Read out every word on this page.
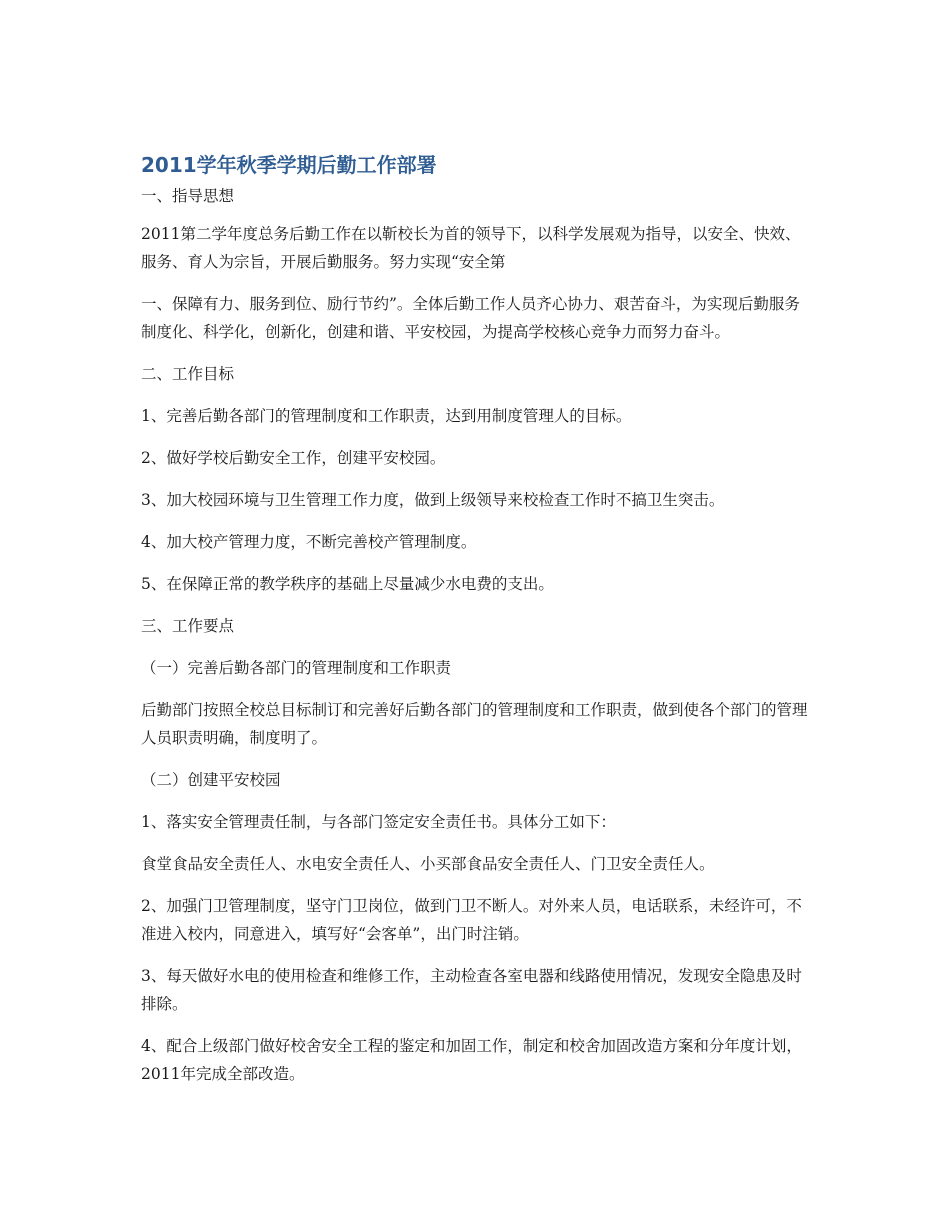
2011学年秋季学期后勤工作部署
一、指导思想
2011第二学年度总务后勤工作在以靳校长为首的领导下，以科学发展观为指导，以安全、快效、服务、育人为宗旨，开展后勤服务。努力实现“安全第
一、保障有力、服务到位、励行节约”。全体后勤工作人员齐心协力、艰苦奋斗，为实现后勤服务制度化、科学化，创新化，创建和谐、平安校园，为提高学校核心竞争力而努力奋斗。
二、工作目标
1、完善后勤各部门的管理制度和工作职责，达到用制度管理人的目标。
2、做好学校后勤安全工作，创建平安校园。
3、加大校园环境与卫生管理工作力度，做到上级领导来校检查工作时不搞卫生突击。
4、加大校产管理力度，不断完善校产管理制度。
5、在保障正常的教学秩序的基础上尽量减少水电费的支出。
三、工作要点
（一）完善后勤各部门的管理制度和工作职责
后勤部门按照全校总目标制订和完善好后勤各部门的管理制度和工作职责，做到使各个部门的管理人员职责明确，制度明了。
（二）创建平安校园
1、落实安全管理责任制，与各部门签定安全责任书。具体分工如下：
食堂食品安全责任人、水电安全责任人、小买部食品安全责任人、门卫安全责任人。
2、加强门卫管理制度，坚守门卫岗位，做到门卫不断人。对外来人员，电话联系，未经许可，不准进入校内，同意进入，填写好“会客单”，出门时注销。
3、每天做好水电的使用检查和维修工作，主动检查各室电器和线路使用情况，发现安全隐患及时排除。
4、配合上级部门做好校舍安全工程的鉴定和加固工作，制定和校舍加固改造方案和分年度计划，2011年完成全部改造。
